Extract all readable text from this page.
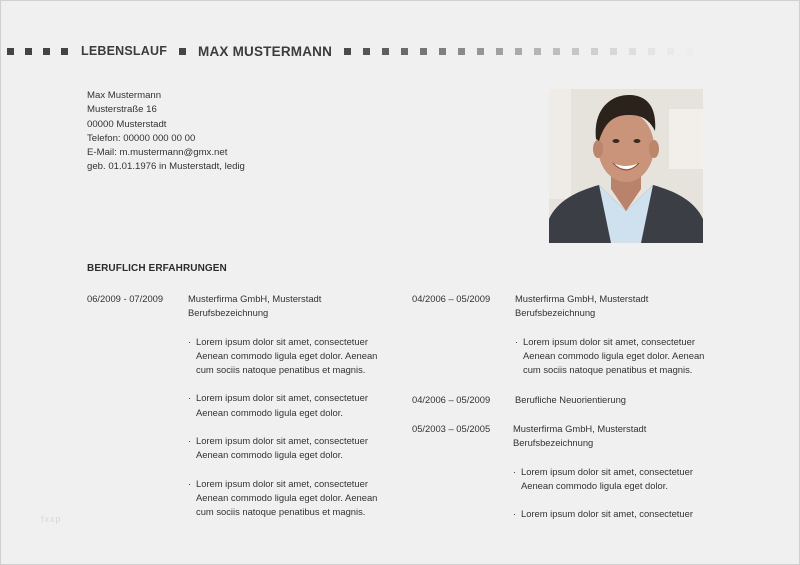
LEBENSLAUF MAX MUSTERMANN
Max Mustermann
Musterstraße 16
00000 Musterstadt
Telefon: 00000 000 00 00
E-Mail: m.mustermann@gmx.net
geb. 01.01.1976 in Musterstadt, ledig
BERUFLICH ERFAHRUNGEN
06/2009 - 07/2009	Musterfirma GmbH, Musterstadt
Berufsbezeichnung
· Lorem ipsum dolor sit amet, consectetuer
Aenean commodo ligula eget dolor. Aenean
cum sociis natoque penatibus et magnis.
· Lorem ipsum dolor sit amet, consectetuer
Aenean commodo ligula eget dolor.
· Lorem ipsum dolor sit amet, consectetuer
Aenean commodo ligula eget dolor.
· Lorem ipsum dolor sit amet, consectetuer
Aenean commodo ligula eget dolor. Aenean
cum sociis natoque penatibus et magnis.
04/2006 – 05/2009	Musterfirma GmbH, Musterstadt
Berufsbezeichnung
· Lorem ipsum dolor sit amet, consectetuer
Aenean commodo ligula eget dolor. Aenean
cum sociis natoque penatibus et magnis.
04/2006 – 05/2009	Berufliche Neuorientierung
05/2003 – 05/2005 Musterfirma GmbH, Musterstadt
Berufsbezeichnung
· Lorem ipsum dolor sit amet, consectetuer
Aenean commodo ligula eget dolor.
· Lorem ipsum dolor sit amet, consectetuer
fxxp
